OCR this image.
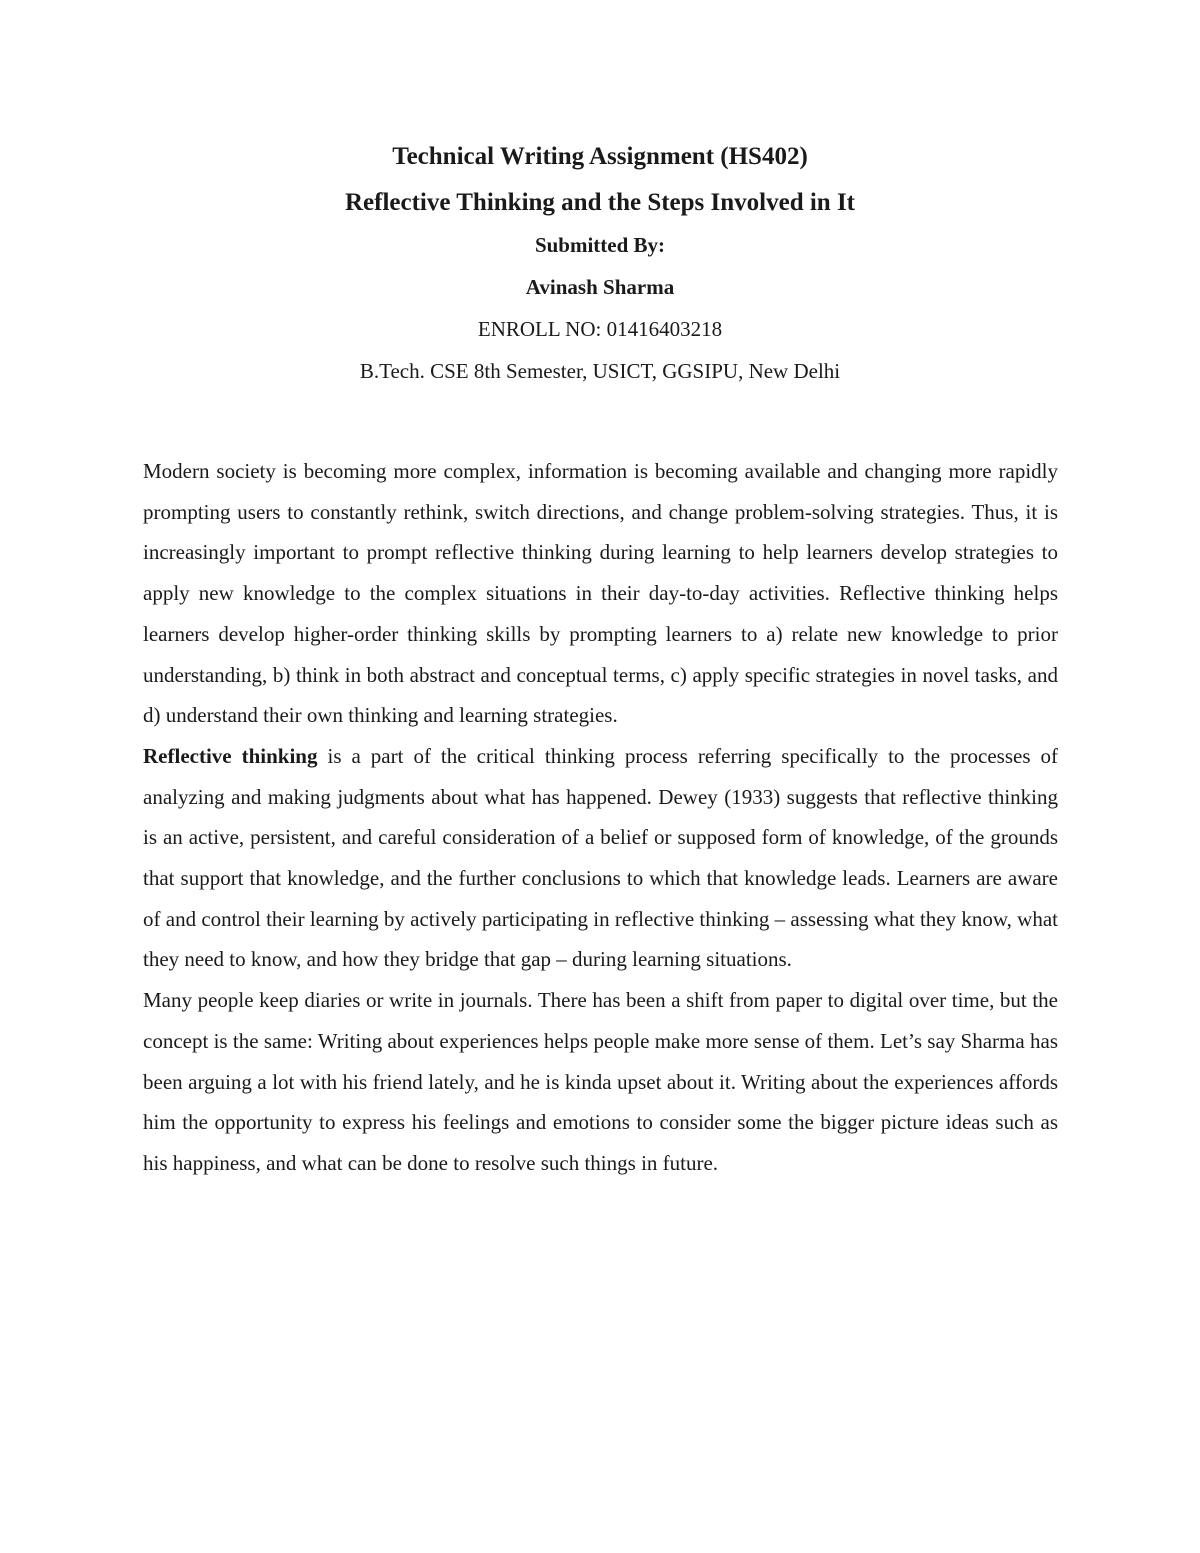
Technical Writing Assignment (HS402)
Reflective Thinking and the Steps Involved in It
Submitted By:
Avinash Sharma
ENROLL NO: 01416403218
B.Tech. CSE 8th Semester, USICT, GGSIPU, New Delhi

Modern society is becoming more complex, information is becoming available and changing more rapidly prompting users to constantly rethink, switch directions, and change problem-solving strategies. Thus, it is increasingly important to prompt reflective thinking during learning to help learners develop strategies to apply new knowledge to the complex situations in their day-to-day activities. Reflective thinking helps learners develop higher-order thinking skills by prompting learners to a) relate new knowledge to prior understanding, b) think in both abstract and conceptual terms, c) apply specific strategies in novel tasks, and d) understand their own thinking and learning strategies.

Reflective thinking is a part of the critical thinking process referring specifically to the processes of analyzing and making judgments about what has happened. Dewey (1933) suggests that reflective thinking is an active, persistent, and careful consideration of a belief or supposed form of knowledge, of the grounds that support that knowledge, and the further conclusions to which that knowledge leads. Learners are aware of and control their learning by actively participating in reflective thinking – assessing what they know, what they need to know, and how they bridge that gap – during learning situations.

Many people keep diaries or write in journals. There has been a shift from paper to digital over time, but the concept is the same: Writing about experiences helps people make more sense of them. Let’s say Sharma has been arguing a lot with his friend lately, and he is kinda upset about it. Writing about the experiences affords him the opportunity to express his feelings and emotions to consider some the bigger picture ideas such as his happiness, and what can be done to resolve such things in future.
